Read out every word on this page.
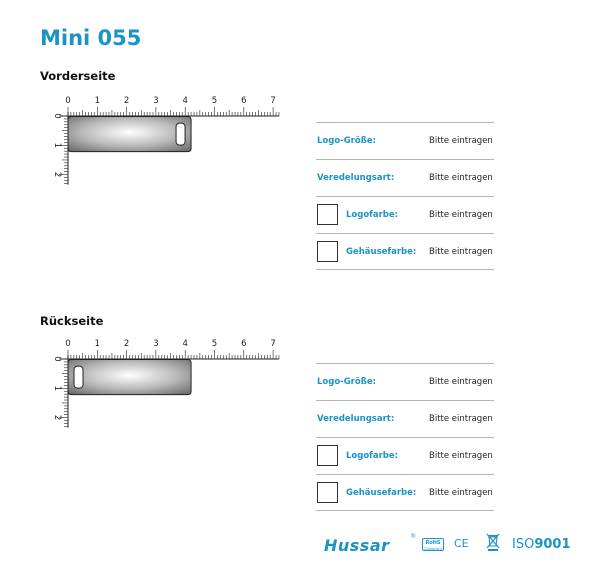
Mini 055
Vorderseite
0	1	2	3	4	5	6	7
0
1
2
Logo-Größe:	Bitte eintragen
Veredelungsart:	Bitte eintragen
Logofarbe:	Bitte eintragen
Gehäusefarbe: Bitte eintragen
Rückseite
0	1	2	3	4	5	6	7
0
1
2
Logo-Größe:	Bitte eintragen
Veredelungsart:	Bitte eintragen
Logofarbe:	Bitte eintragen
Gehäusefarbe: Bitte eintragen
Hussar	®
RoHS
Compliant CE	ISO9001
